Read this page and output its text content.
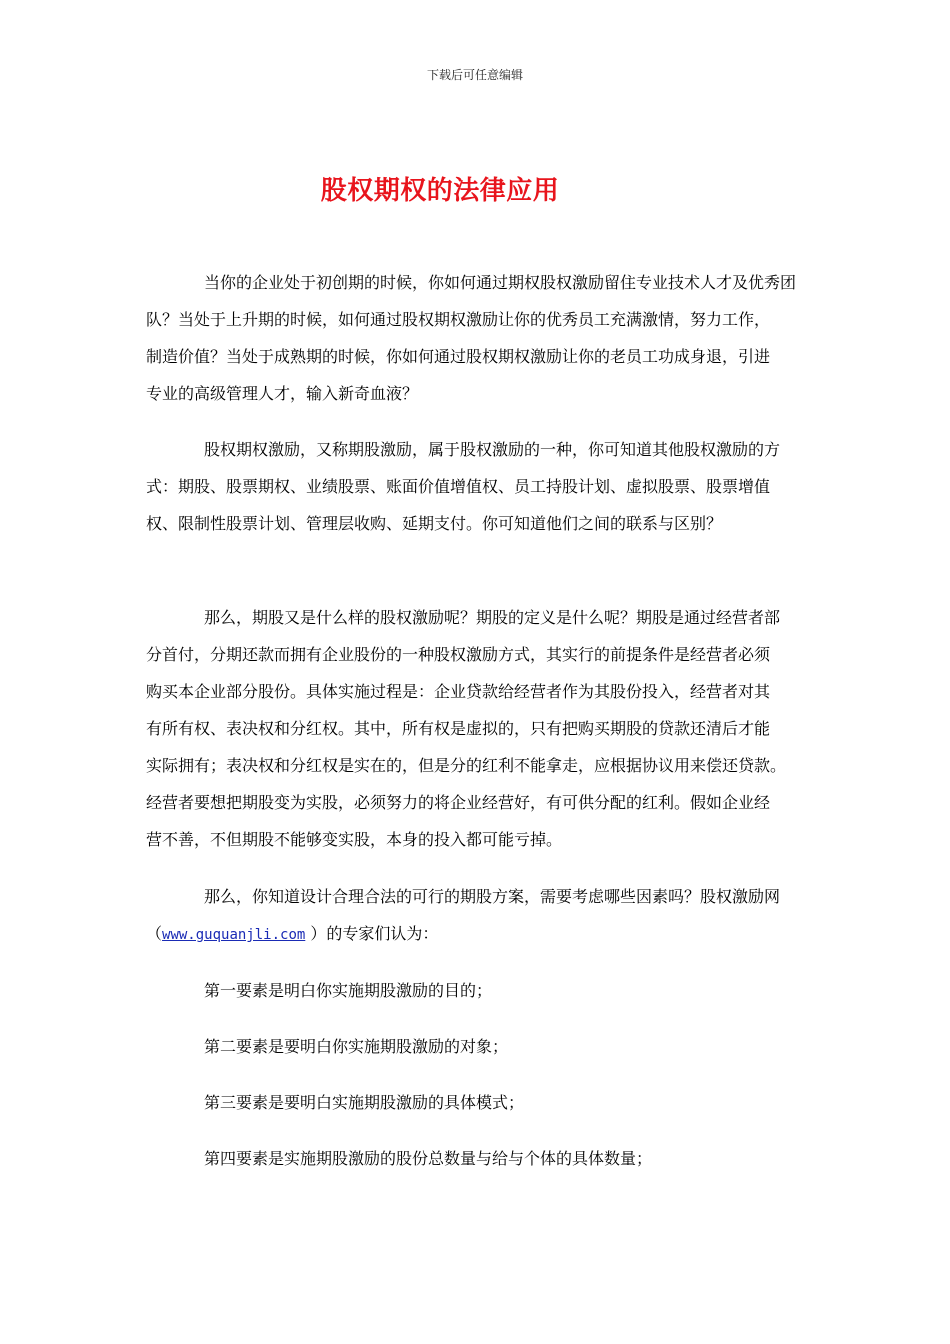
下载后可任意编辑
股权期权的法律应用

当你的企业处于初创期的时候，你如何通过期权股权激励留住专业技术人才及优秀团
队？当处于上升期的时候，如何通过股权期权激励让你的优秀员工充满激情，努力工作，
制造价值？当处于成熟期的时候，你如何通过股权期权激励让你的老员工功成身退，引进
专业的高级管理人才，输入新奇血液？

股权期权激励，又称期股激励，属于股权激励的一种，你可知道其他股权激励的方
式：期股、股票期权、业绩股票、账面价值增值权、员工持股计划、虚拟股票、股票增值
权、限制性股票计划、管理层收购、延期支付。你可知道他们之间的联系与区别？

那么，期股又是什么样的股权激励呢？期股的定义是什么呢？期股是通过经营者部
分首付，分期还款而拥有企业股份的一种股权激励方式，其实行的前提条件是经营者必须
购买本企业部分股份。具体实施过程是：企业贷款给经营者作为其股份投入，经营者对其
有所有权、表决权和分红权。其中，所有权是虚拟的，只有把购买期股的贷款还清后才能
实际拥有；表决权和分红权是实在的，但是分的红利不能拿走，应根据协议用来偿还贷款。
经营者要想把期股变为实股，必须努力的将企业经营好，有可供分配的红利。假如企业经
营不善，不但期股不能够变实股，本身的投入都可能亏掉。

那么，你知道设计合理合法的可行的期股方案，需要考虑哪些因素吗？股权激励网
（www.guquanjli.com ）的专家们认为：

第一要素是明白你实施期股激励的目的；

第二要素是要明白你实施期股激励的对象；

第三要素是要明白实施期股激励的具体模式；

第四要素是实施期股激励的股份总数量与给与个体的具体数量；
